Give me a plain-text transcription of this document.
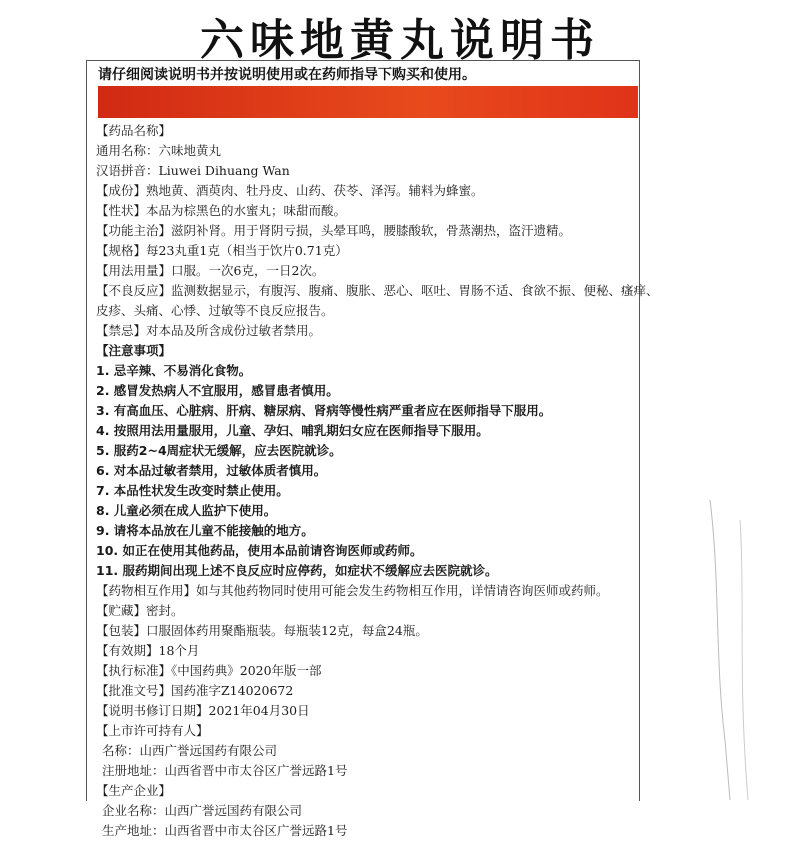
六味地黄丸说明书
请仔细阅读说明书并按说明使用或在药师指导下购买和使用。
【药品名称】
通用名称：六味地黄丸
汉语拼音：Liuwei Dihuang Wan
【成份】熟地黄、酒萸肉、牡丹皮、山药、茯苓、泽泻。辅料为蜂蜜。
【性状】本品为棕黑色的水蜜丸；味甜而酸。
【功能主治】滋阴补肾。用于肾阴亏损，头晕耳鸣，腰膝酸软，骨蒸潮热，盗汗遗精。
【规格】每23丸重1克（相当于饮片0.71克）
【用法用量】口服。一次6克，一日2次。
【不良反应】监测数据显示，有腹泻、腹痛、腹胀、恶心、呕吐、胃肠不适、食欲不振、便秘、瘙痒、
皮疹、头痛、心悸、过敏等不良反应报告。
【禁忌】对本品及所含成份过敏者禁用。
【注意事项】
1. 忌辛辣、不易消化食物。
2. 感冒发热病人不宜服用，感冒患者慎用。
3. 有高血压、心脏病、肝病、糖尿病、肾病等慢性病严重者应在医师指导下服用。
4. 按照用法用量服用，儿童、孕妇、哺乳期妇女应在医师指导下服用。
5. 服药2~4周症状无缓解，应去医院就诊。
6. 对本品过敏者禁用，过敏体质者慎用。
7. 本品性状发生改变时禁止使用。
8. 儿童必须在成人监护下使用。
9. 请将本品放在儿童不能接触的地方。
10. 如正在使用其他药品，使用本品前请咨询医师或药师。
11. 服药期间出现上述不良反应时应停药，如症状不缓解应去医院就诊。
【药物相互作用】如与其他药物同时使用可能会发生药物相互作用，详情请咨询医师或药师。
【贮藏】密封。
【包装】口服固体药用聚酯瓶装。每瓶装12克，每盒24瓶。
【有效期】18个月
【执行标准】《中国药典》2020年版一部
【批准文号】国药准字Z14020672
【说明书修订日期】2021年04月30日
【上市许可持有人】
名称：山西广誉远国药有限公司
注册地址：山西省晋中市太谷区广誉远路1号
【生产企业】
企业名称：山西广誉远国药有限公司
生产地址：山西省晋中市太谷区广誉远路1号
